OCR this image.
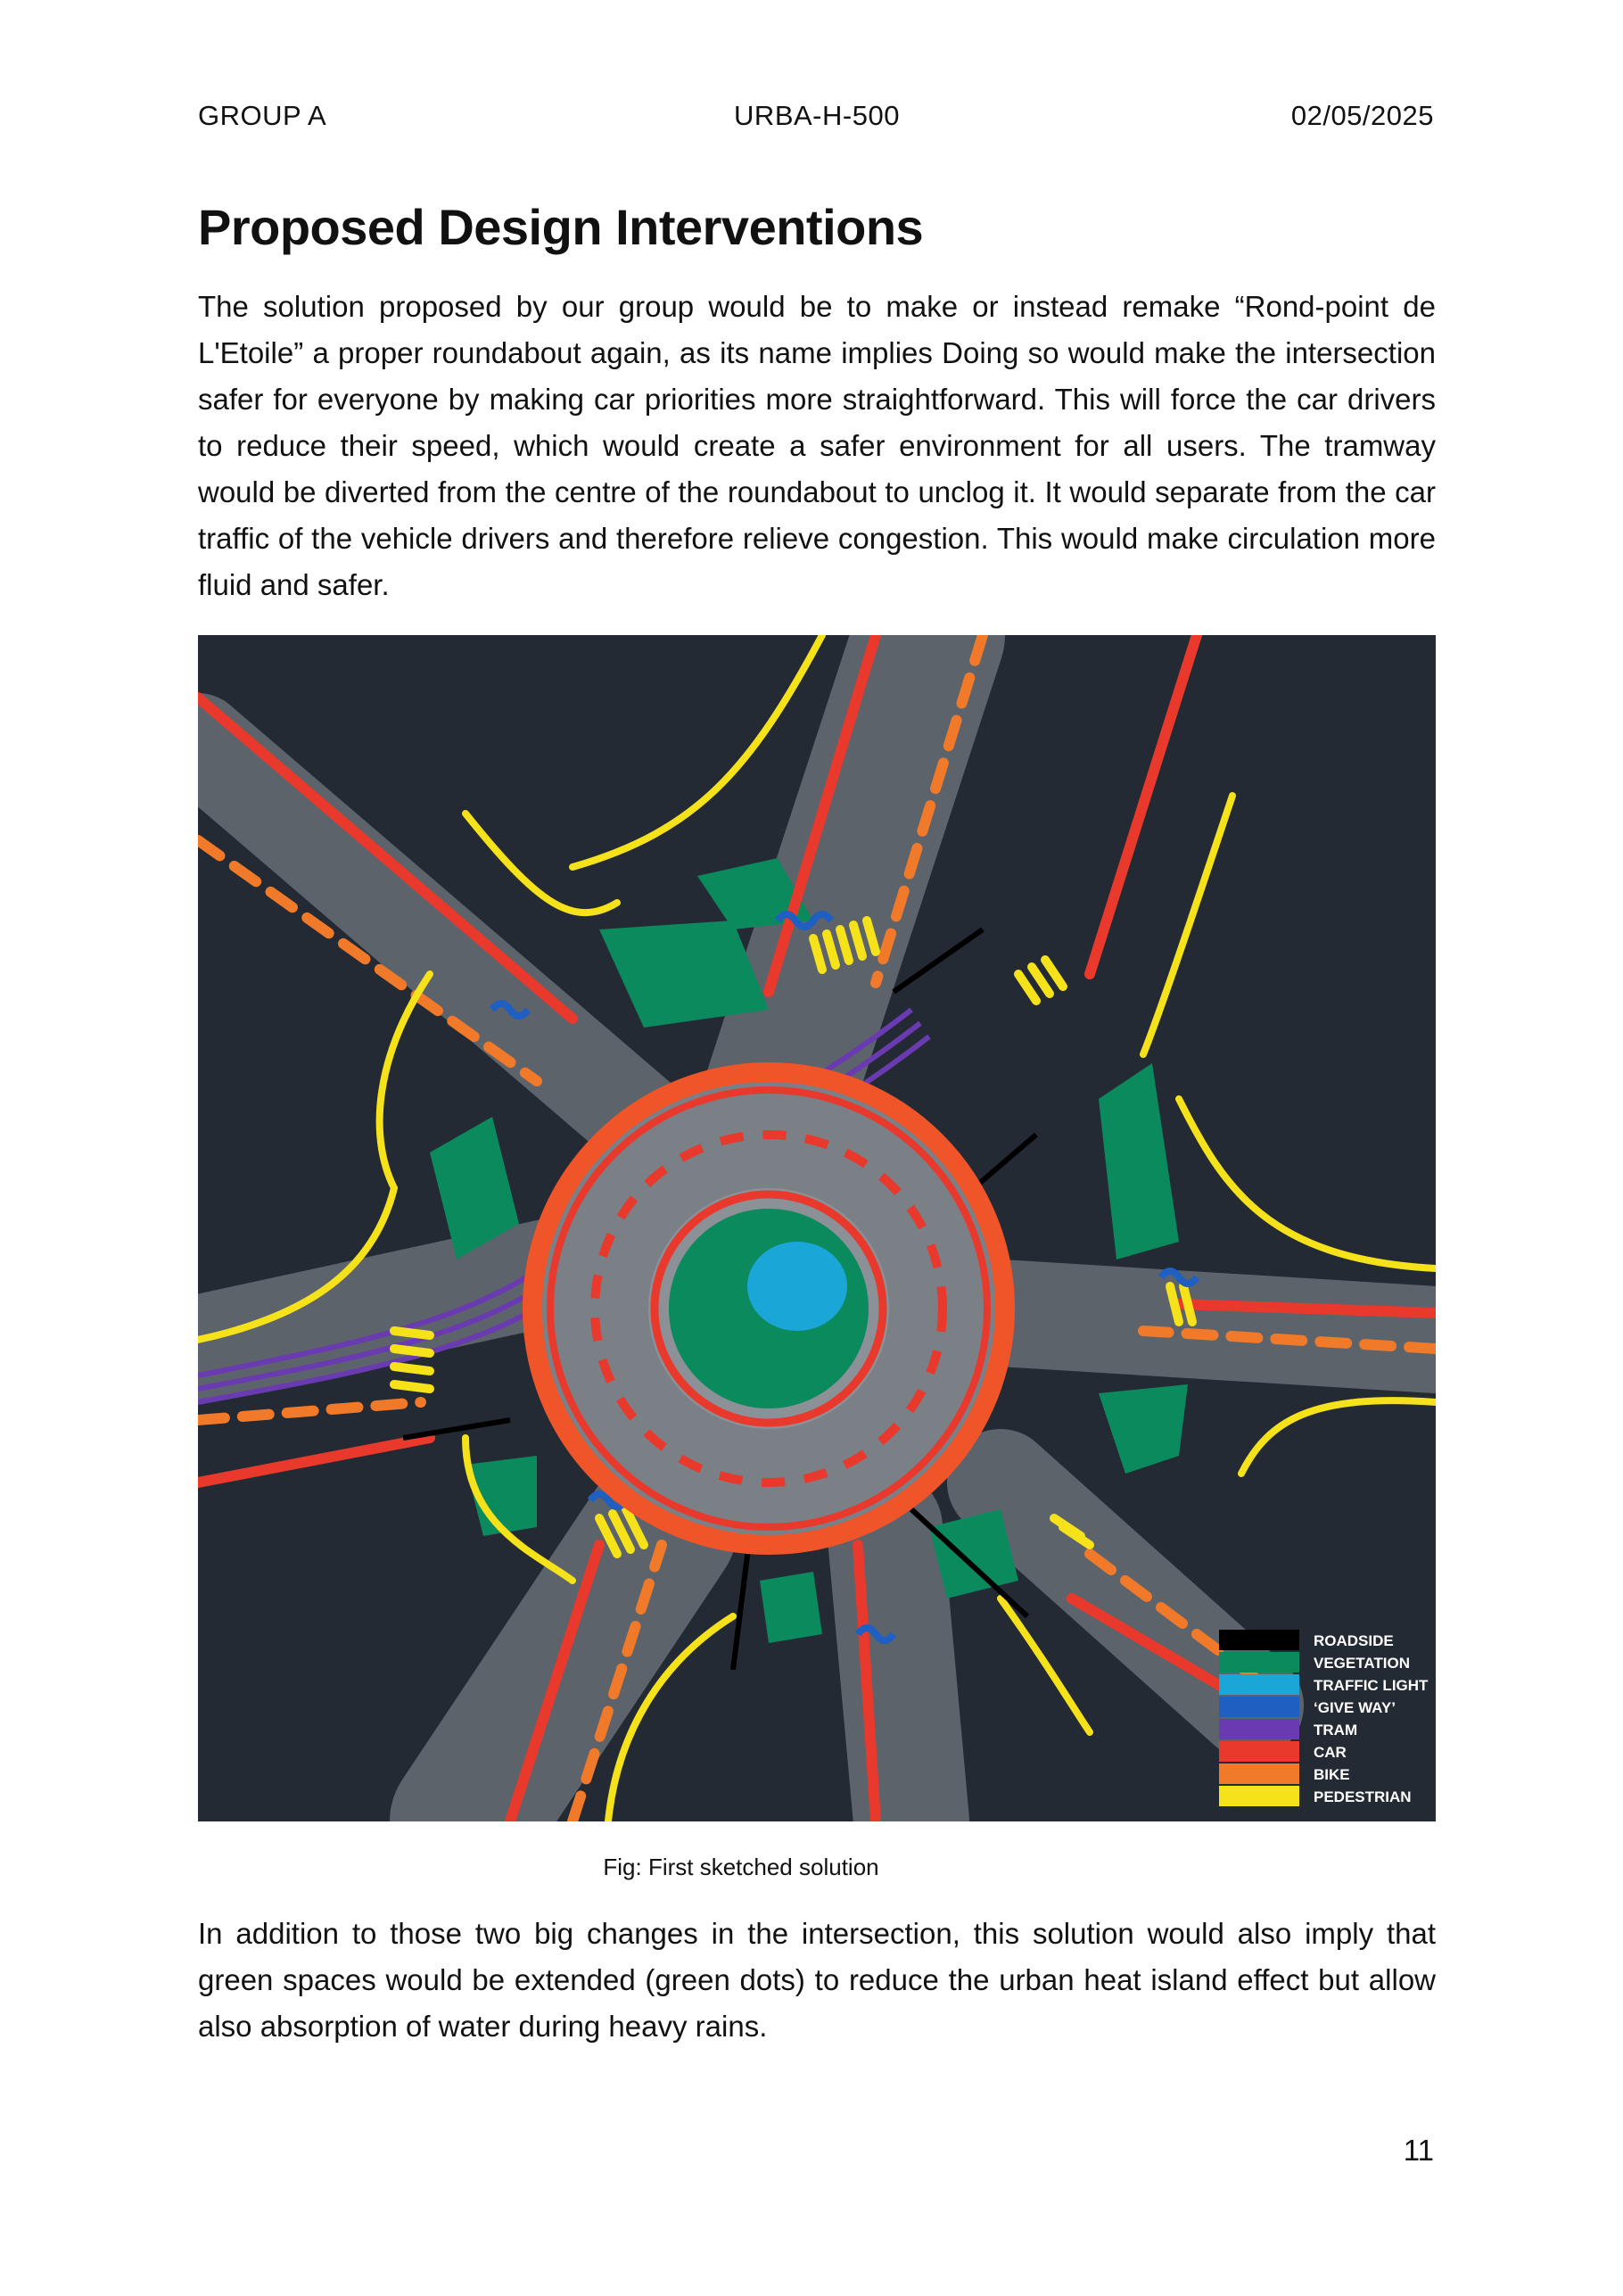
GROUP A	URBA-H-500	02/05/2025
Proposed Design Interventions

The solution proposed by our group would be to make or instead remake “Rond-point de L'Etoile” a proper roundabout again, as its name implies Doing so would make the intersection safer for everyone by making car priorities more straightforward. This will force the car drivers to reduce their speed, which would create a safer environment for all users. The tramway would be diverted from the centre of the roundabout to unclog it. It would separate from the car traffic of the vehicle drivers and therefore relieve congestion. This would make circulation more fluid and safer.

ROADSIDE
VEGETATION
TRAFFIC LIGHT
‘GIVE WAY’
TRAM
CAR
BIKE
PEDESTRIAN
Fig: First sketched solution

In addition to those two big changes in the intersection, this solution would also imply that green spaces would be extended (green dots) to reduce the urban heat island effect but allow also absorption of water during heavy rains.

11
